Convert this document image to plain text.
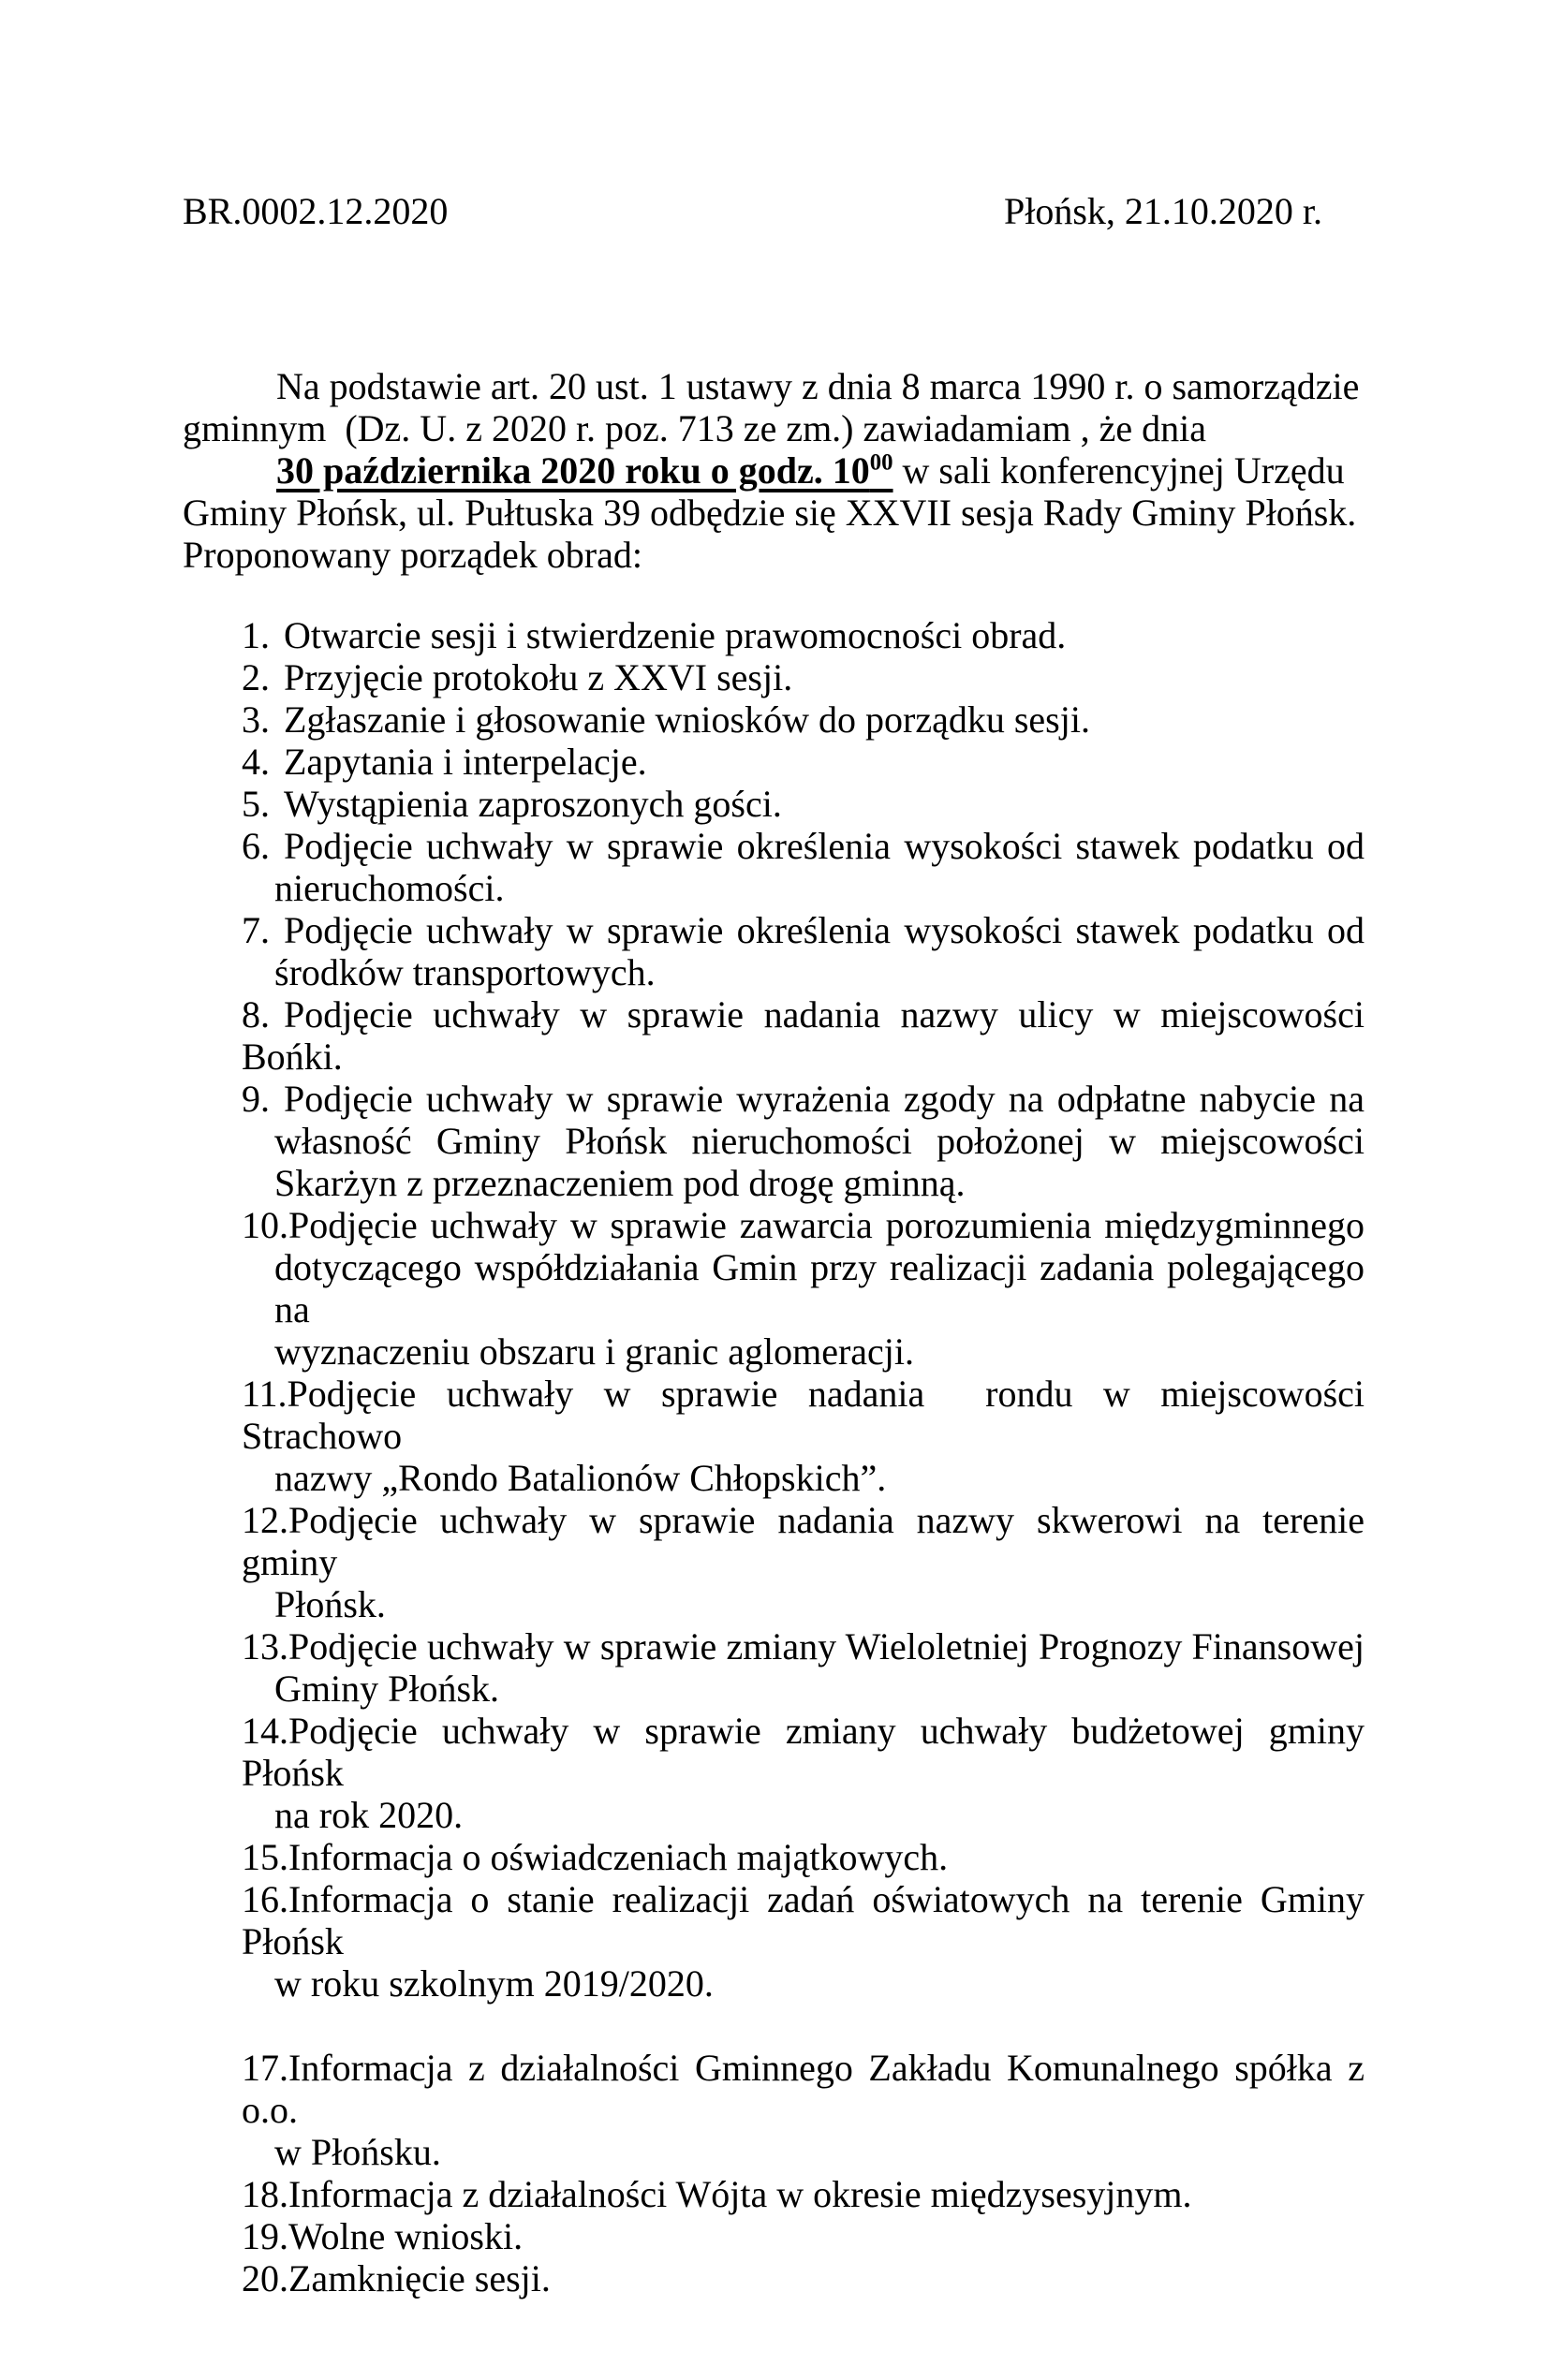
BR.0002.12.2020	Płońsk, 21.10.2020 r.

Na podstawie art. 20 ust. 1 ustawy z dnia 8 marca 1990 r. o samorządzie gminnym  (Dz. U. z 2020 r. poz. 713 ze zm.) zawiadamiam , że dnia

30 października 2020 roku o godz. $10^{00}$ w sali konferencyjnej Urzędu Gminy Płońsk, ul. Pułtuska 39 odbędzie się XXVII sesja Rady Gminy Płońsk.

Proponowany porządek obrad:

1. Otwarcie sesji i stwierdzenie prawomocności obrad.
2. Przyjęcie protokołu z XXVI sesji.
3. Zgłaszanie i głosowanie wniosków do porządku sesji.
4. Zapytania i interpelacje.
5. Wystąpienia zaproszonych gości.
6. Podjęcie uchwały w sprawie określenia wysokości stawek podatku od
nieruchomości.
7. Podjęcie uchwały w sprawie określenia wysokości stawek podatku od
środków transportowych.
8. Podjęcie uchwały w sprawie nadania nazwy ulicy w miejscowości Bońki.
9. Podjęcie uchwały w sprawie wyrażenia zgody na odpłatne nabycie na
własność Gminy Płońsk nieruchomości położonej w miejscowości
Skarżyn z przeznaczeniem pod drogę gminną.
10.Podjęcie uchwały w sprawie zawarcia porozumienia międzygminnego
dotyczącego współdziałania Gmin przy realizacji zadania polegającego na
wyznaczeniu obszaru i granic aglomeracji.
11.Podjęcie uchwały w sprawie nadania  rondu w miejscowości Strachowo
nazwy „Rondo Batalionów Chłopskich”.
12.Podjęcie uchwały w sprawie nadania nazwy skwerowi na terenie gminy
Płońsk.
13.Podjęcie uchwały w sprawie zmiany Wieloletniej Prognozy Finansowej
Gminy Płońsk.
14.Podjęcie uchwały w sprawie zmiany uchwały budżetowej gminy Płońsk
na rok 2020.
15.Informacja o oświadczeniach majątkowych.
16.Informacja o stanie realizacji zadań oświatowych na terenie Gminy Płońsk
w roku szkolnym 2019/2020.
17.Informacja z działalności Gminnego Zakładu Komunalnego spółka z o.o.
w Płońsku.
18.Informacja z działalności Wójta w okresie międzysesyjnym.
19.Wolne wnioski.
20.Zamknięcie sesji.
